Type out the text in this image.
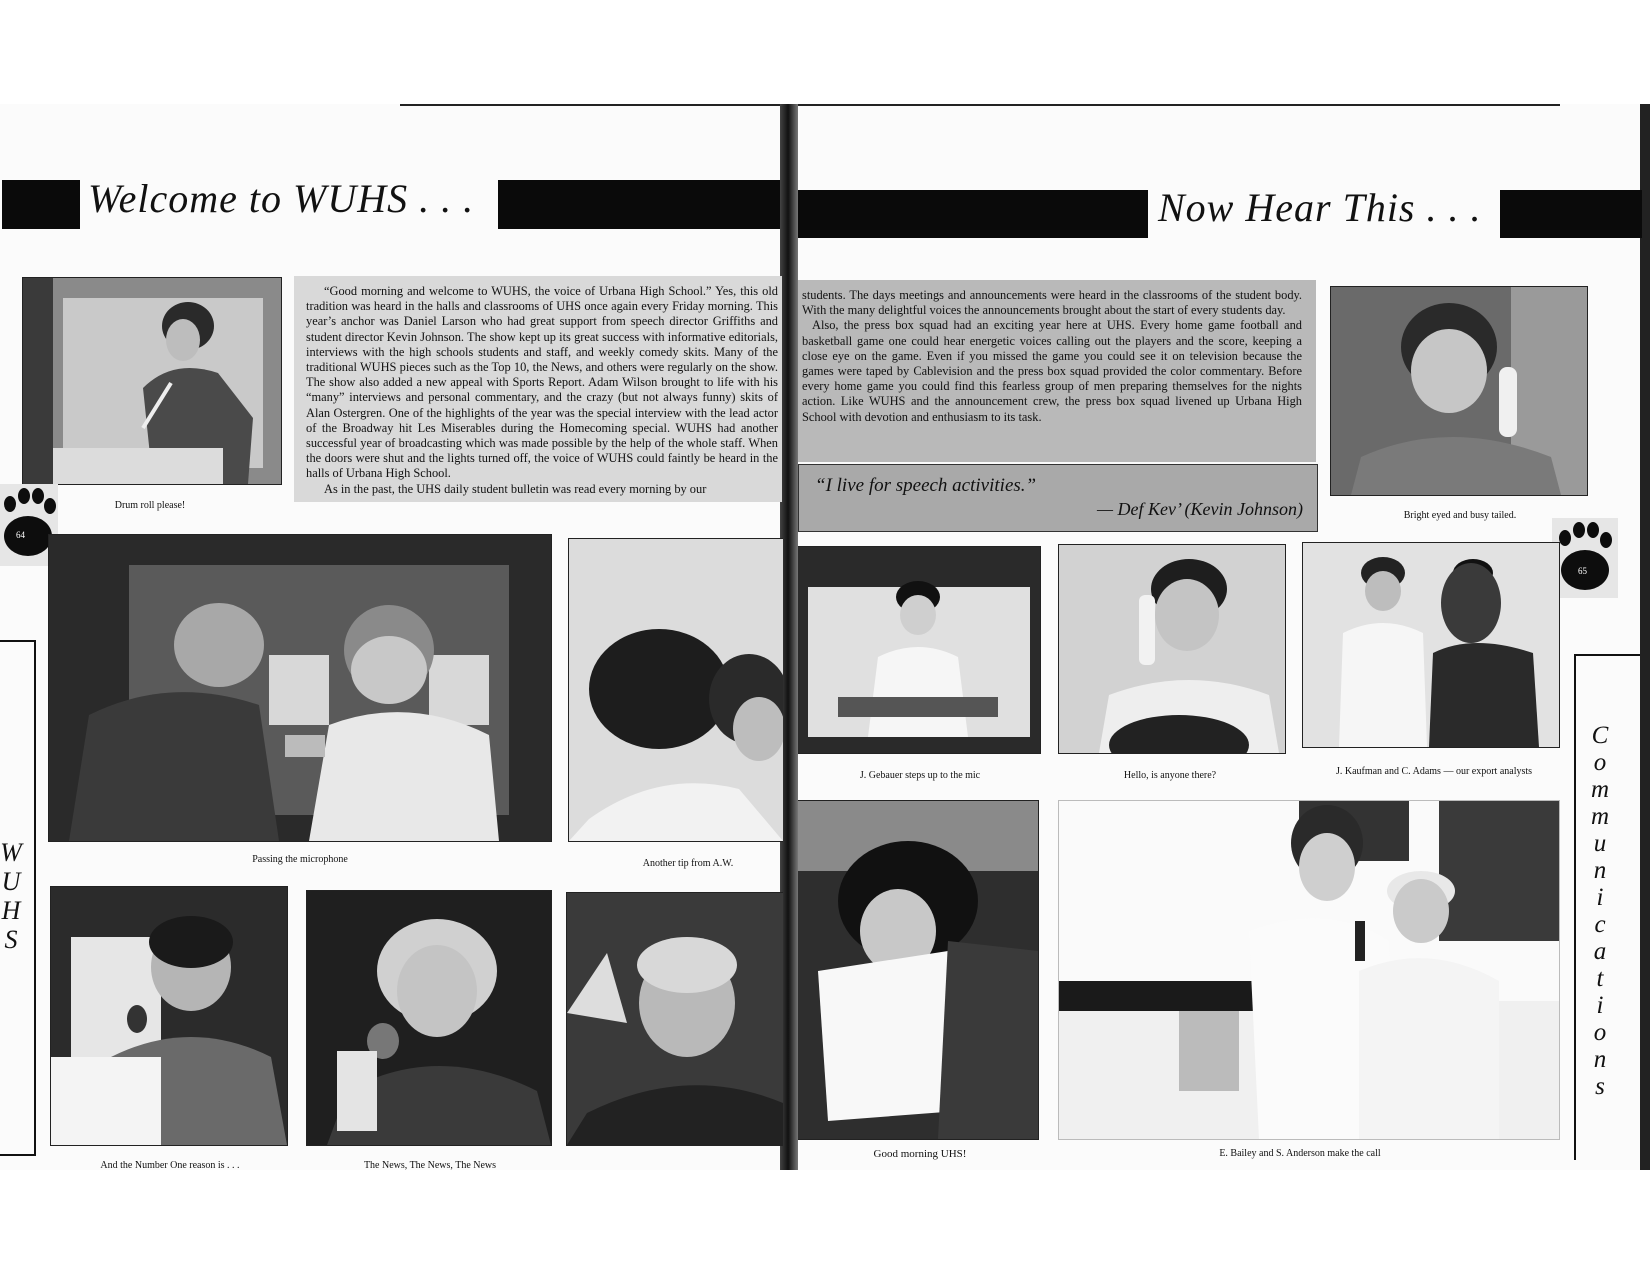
Welcome to WUHS . . .	Now Hear This . . .
Drum roll please!

“Good morning and welcome to WUHS, the voice of Urbana High School.” Yes, this old tradition was heard in the halls and classrooms of UHS once again every Friday morning. This year’s anchor was Daniel Larson who had great support from speech director Griffiths and student director Kevin Johnson. The show kept up its great success with informative editorials, interviews with the high schools students and staff, and weekly comedy skits. Many of the traditional WUHS pieces such as the Top 10, the News, and others were regularly on the show. The show also added a new appeal with Sports Report. Adam Wilson brought to life with his “many” interviews and personal commentary, and the crazy (but not always funny) skits of Alan Ostergren. One of the highlights of the year was the special interview with the lead actor of the Broadway hit Les Miserables during the Homecoming special. WUHS had another successful year of broadcasting which was made possible by the help of the whole staff. When the doors were shut and the lights turned off, the voice of WUHS could faintly be heard in the halls of Urbana High School.

As in the past, the UHS daily student bulletin was read every morning by our

64
Passing the microphone	Another tip from A.W.
W
U
H
S
And the Number One reason is . . .	The News, The News, The News

students. The days meetings and announcements were heard in the classrooms of the student body. With the many delightful voices the announcements brought about the start of every students day.

Also, the press box squad had an exciting year here at UHS. Every home game football and basketball game one could hear energetic voices calling out the players and the score, keeping a close eye on the game. Even if you missed the game you could see it on television because the games were taped by Cablevision and the press box squad provided the color commentary. Before every home game you could find this fearless group of men preparing themselves for the nights action. Like WUHS and the announcement crew, the press box squad livened up Urbana High School with devotion and enthusiasm to its task.

“I live for speech activities.”
— Def Kev’ (Kevin Johnson)	Bright eyed and busy tailed.
65
J. Gebauer steps up to the mic	Hello, is anyone there?	J. Kaufman and C. Adams — our export analysts
C
o
m
m
u
n
i
c
a
t
i
o
n
s
Good morning UHS!	E. Bailey and S. Anderson make the call
